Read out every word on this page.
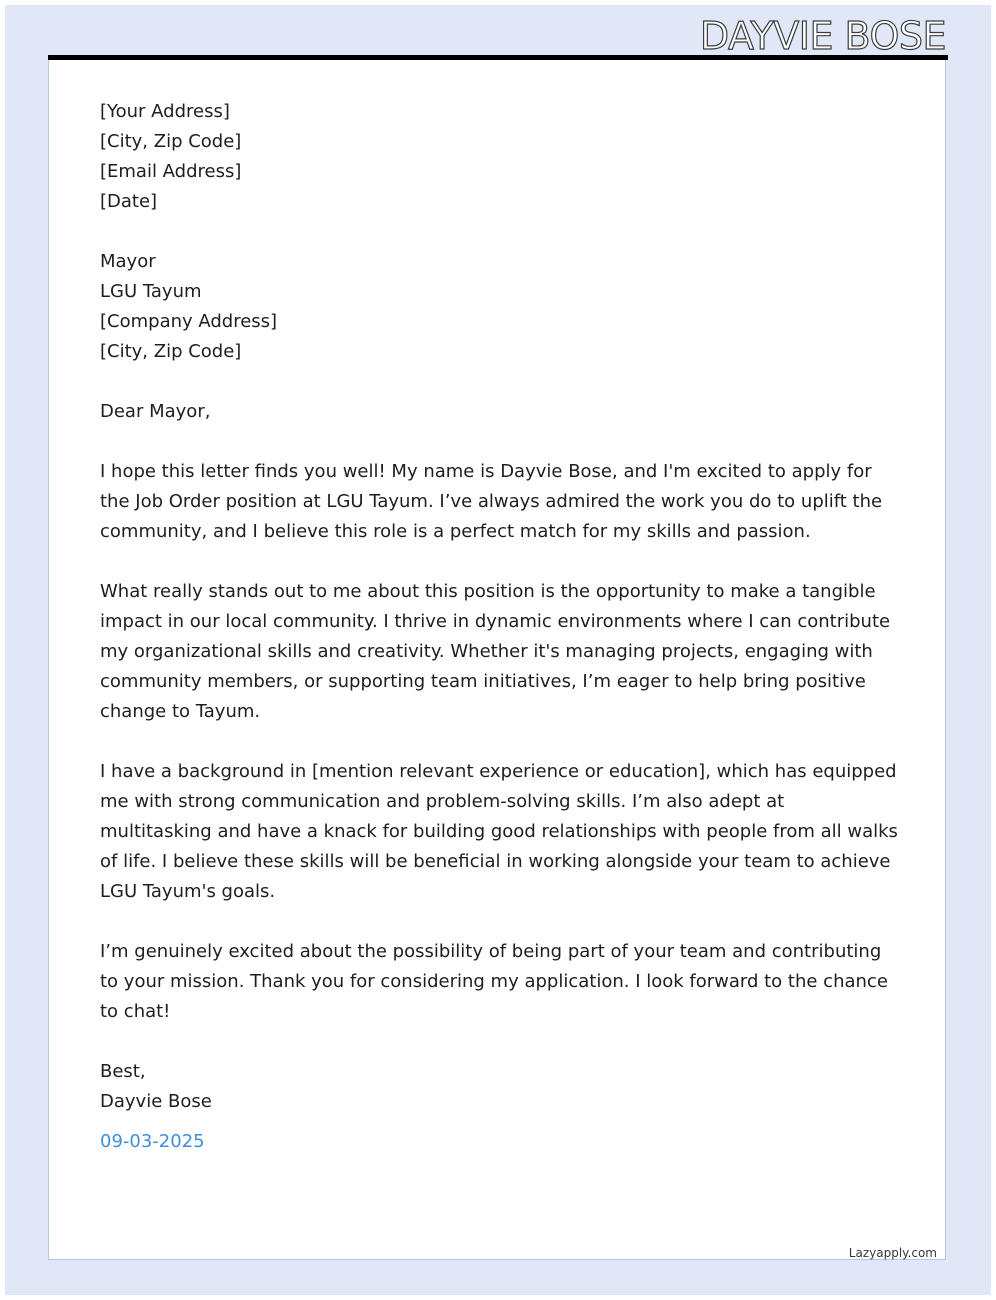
DAYVIE BOSE
[Your Address]
[City, Zip Code]
[Email Address]
[Date]
Mayor
LGU Tayum
[Company Address]
[City, Zip Code]
Dear Mayor,

I hope this letter finds you well! My name is Dayvie Bose, and I'm excited to apply for the Job Order position at LGU Tayum. I’ve always admired the work you do to uplift the community, and I believe this role is a perfect match for my skills and passion.

What really stands out to me about this position is the opportunity to make a tangible impact in our local community. I thrive in dynamic environments where I can contribute my organizational skills and creativity. Whether it's managing projects, engaging with community members, or supporting team initiatives, I’m eager to help bring positive change to Tayum.

I have a background in [mention relevant experience or education], which has equipped me with strong communication and problem-solving skills. I’m also adept at multitasking and have a knack for building good relationships with people from all walks of life. I believe these skills will be beneficial in working alongside your team to achieve LGU Tayum's goals.

I’m genuinely excited about the possibility of being part of your team and contributing to your mission. Thank you for considering my application. I look forward to the chance to chat!

Best,
Dayvie Bose
09-03-2025
Lazyapply.com
